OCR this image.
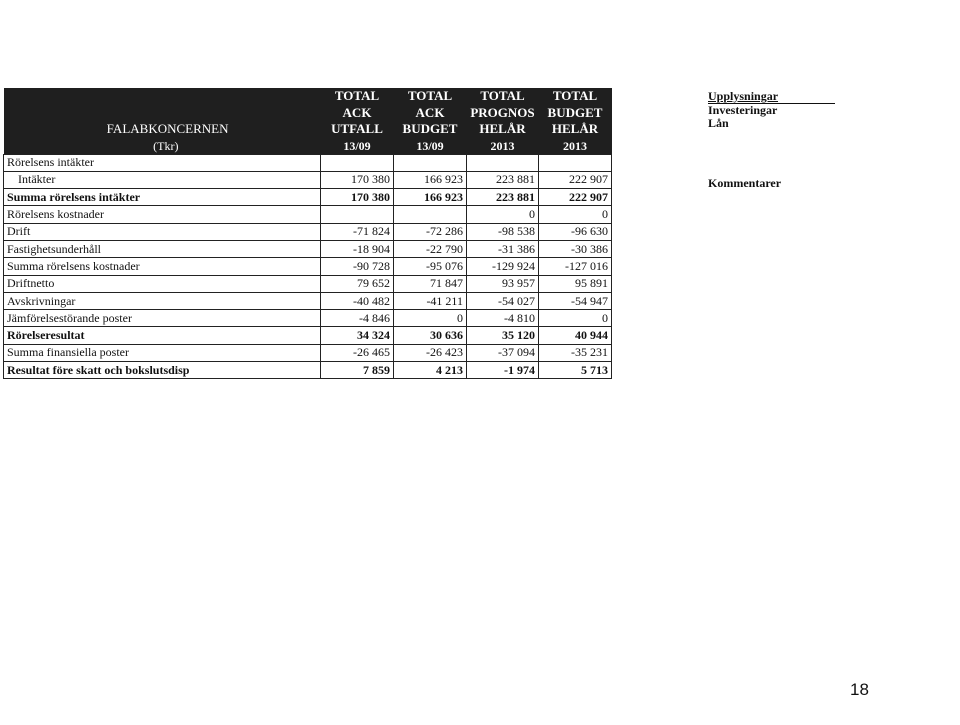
	TOTAL	TOTAL	TOTAL	TOTAL
	ACK	ACK	PROGNOS	BUDGET
FALABKONCERNEN	UTFALL	BUDGET	HELÅR	HELÅR
(Tkr)	13/09	13/09	2013	2013
Rörelsens intäkter				
Intäkter	170 380	166 923	223 881	222 907
Summa rörelsens intäkter	170 380	166 923	223 881	222 907
Rörelsens kostnader			0	0
Drift	-71 824	-72 286	-98 538	-96 630
Fastighetsunderhåll	-18 904	-22 790	-31 386	-30 386
Summa rörelsens kostnader	-90 728	-95 076	-129 924	-127 016
Driftnetto	79 652	71 847	93 957	95 891
Avskrivningar	-40 482	-41 211	-54 027	-54 947
Jämförelsestörande poster	-4 846	0	-4 810	0
Rörelseresultat	34 324	30 636	35 120	40 944
Summa finansiella poster	-26 465	-26 423	-37 094	-35 231
Resultat före skatt och bokslutsdisp	7 859	4 213	-1 974	5 713
Upplysningar
Investeringar
Lån
Kommentarer
18
